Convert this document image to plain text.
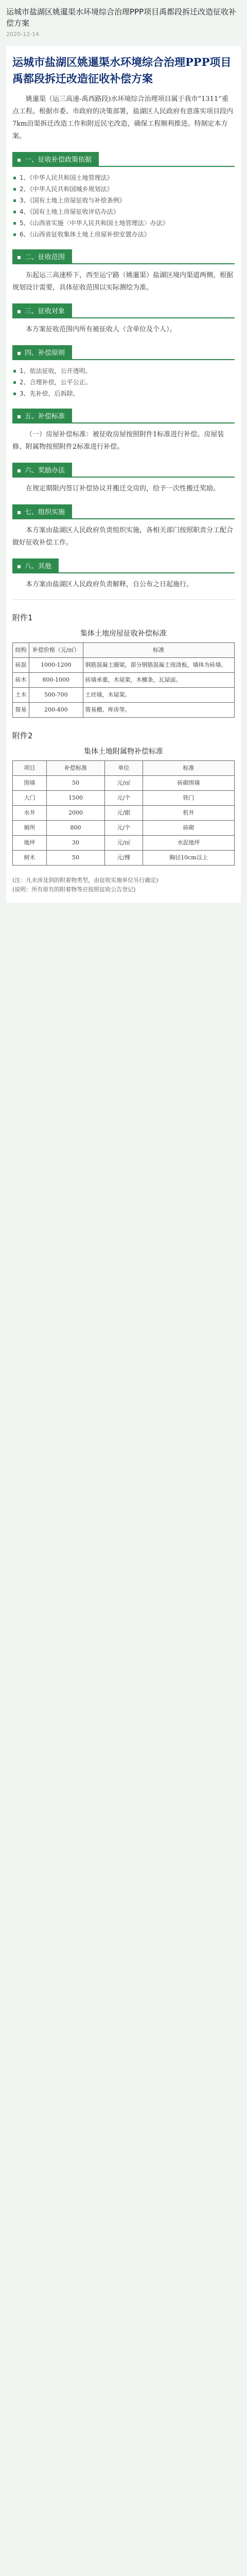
运城市盐湖区姚暹渠水环境综合治理PPP项目禹都段拆迁改造征收补偿方案
2020-12-14
运城市盐湖区姚暹渠水环境综合治理PPP项目禹都段拆迁改造征收补偿方案

姚暹渠（运三高速-禹西路段)水环境综合治理项目属于我市“1311”重点工程。根据市委、市政府的决策部署，盐湖区人民政府有意落实项目段内7km沿渠拆迁改造工作和附近民宅改造，确保工程顺利推进。特制定本方案。

一、征收补偿政策依据
1、《中华人民共和国土地管理法》
2、《中华人民共和国城乡规划法》
3、《国有土地上房屋征收与补偿条例》
4、《国有土地上房屋征收评估办法》
5、《山西省实施〈中华人民共和国土地管理法〉办法》
6、《山西省征收集体土地上房屋补偿安置办法》
二、征收范围

东起运三高速桥下，西至运宁路（姚暹渠）盐湖区境内渠道两侧，根据规划设计需要，具体征收范围以实际测绘为准。

三、征收对象

本方案征收范围内所有被征收人（含单位及个人）。

四、补偿原则
1、依法征收，公开透明。
2、合理补偿，公平公正。
3、先补偿，后拆除。
五、补偿标准

（一）房屋补偿标准：被征收房屋按照附件1标准进行补偿。房屋装修、附属物按照附件2标准进行补偿。

六、奖励办法

在规定期限内签订补偿协议并搬迁交房的，给予一次性搬迁奖励。

七、组织实施

本方案由盐湖区人民政府负责组织实施，各相关部门按照职责分工配合做好征收补偿工作。

八、其他

本方案由盐湖区人民政府负责解释，自公布之日起施行。

附件1
集体土地房屋征收补偿标准
结构	补偿价格（元/㎡）	标准
砖混	1000-1200	钢筋混凝土圈梁，部分钢筋混凝土现浇板，墙体为砖墙。
砖木	800-1000	砖墙承重，木屋架，木檩条，瓦屋面。
土木	500-700	土坯墙，木屋架。
简易	200-400	简易棚、库房等。
附件2
集体土地附属物补偿标准
项目	补偿标准	单位	标准
围墙	50	元/㎡	砖砌围墙
大门	1500	元/个	铁门
水井	2000	元/眼	机井
厕所	800	元/个	砖砌
地坪	30	元/㎡	水泥地坪
树木	50	元/棵	胸径10cm以上
(注：凡未涉及到的附着物类型，由征收实施单位另行确定)
(说明：所有原有的附着物等应按照征收公告登记)
